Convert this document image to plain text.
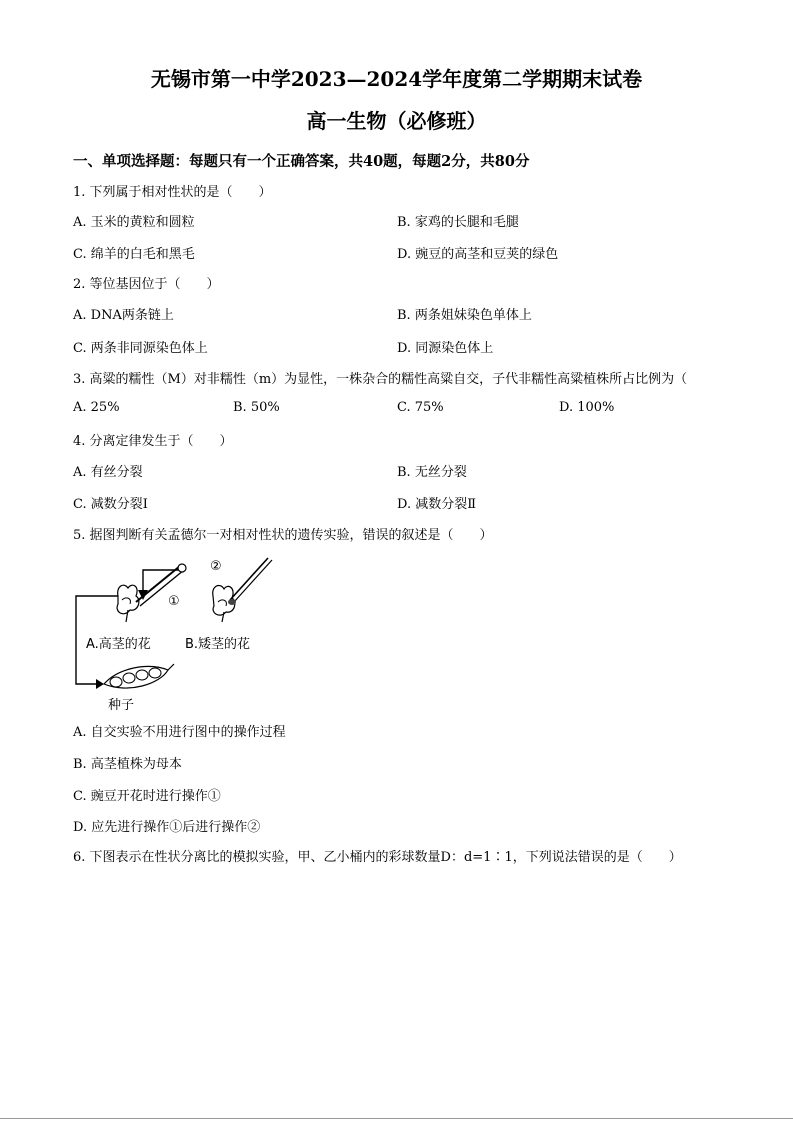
无锡市第一中学2023—2024学年度第二学期期末试卷
高一生物（必修班）
一、单项选择题：每题只有一个正确答案，共40题，每题2分，共80分
1. 下列属于相对性状的是（　　）
A. 玉米的黄粒和圆粒	B. 家鸡的长腿和毛腿
C. 绵羊的白毛和黑毛	D. 豌豆的高茎和豆荚的绿色
2. 等位基因位于（　　）
A. DNA两条链上	B. 两条姐妹染色单体上
C. 两条非同源染色体上	D. 同源染色体上
3. 高粱的糯性（M）对非糯性（m）为显性，一株杂合的糯性高粱自交，子代非糯性高粱植株所占比例为（
A. 25%	B. 50%	C. 75%	D. 100%
4. 分离定律发生于（　　）
A. 有丝分裂	B. 无丝分裂
C. 减数分裂Ⅰ	D. 减数分裂Ⅱ
5. 据图判断有关孟德尔一对相对性状的遗传实验，错误的叙述是（　　）
①
②
A.高茎的花	B.矮茎的花
种子
A. 自交实验不用进行图中的操作过程
B. 高茎植株为母本
C. 豌豆开花时进行操作①
D. 应先进行操作①后进行操作②
6. 下图表示在性状分离比的模拟实验，甲、乙小桶内的彩球数量D：d=1∶1，下列说法错误的是（　　）
